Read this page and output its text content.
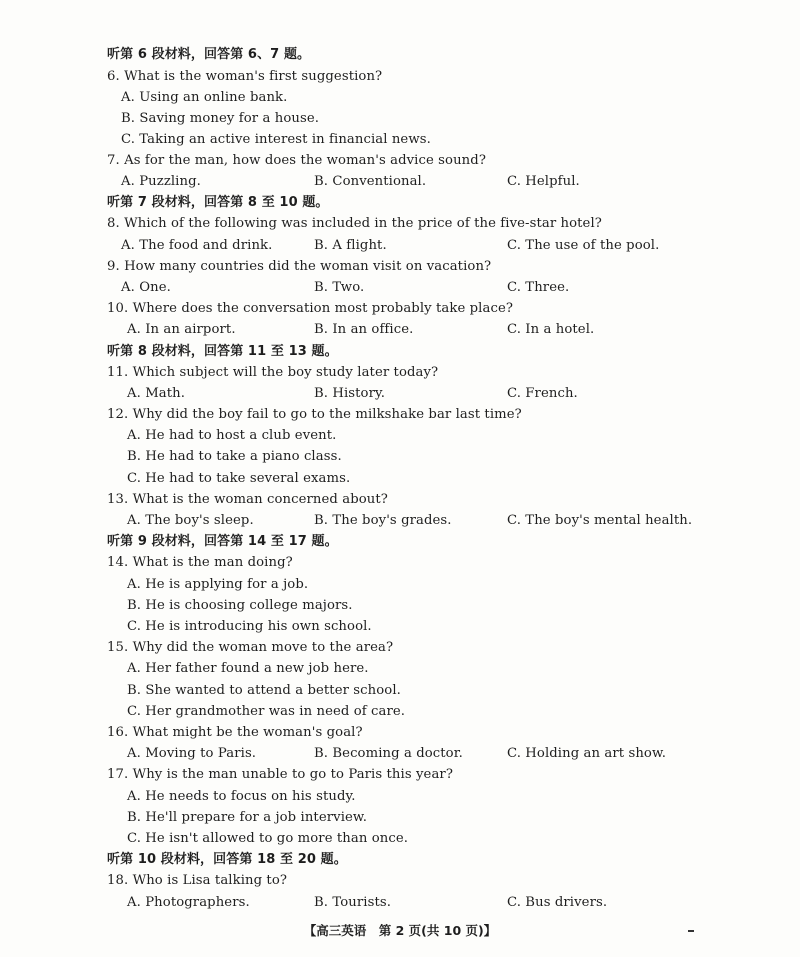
听第 6 段材料，回答第 6、7 题。
6. What is the woman's first suggestion?
A. Using an online bank.
B. Saving money for a house.
C. Taking an active interest in financial news.
7. As for the man, how does the woman's advice sound?
A. Puzzling.	B. Conventional.	C. Helpful.
听第 7 段材料，回答第 8 至 10 题。
8. Which of the following was included in the price of the five-star hotel?
A. The food and drink.	B. A flight.	C. The use of the pool.
9. How many countries did the woman visit on vacation?
A. One.	B. Two.	C. Three.
10. Where does the conversation most probably take place?
A. In an airport.	B. In an office.	C. In a hotel.
听第 8 段材料，回答第 11 至 13 题。
11. Which subject will the boy study later today?
A. Math.	B. History.	C. French.
12. Why did the boy fail to go to the milkshake bar last time?
A. He had to host a club event.
B. He had to take a piano class.
C. He had to take several exams.
13. What is the woman concerned about?
A. The boy's sleep.	B. The boy's grades.	C. The boy's mental health.
听第 9 段材料，回答第 14 至 17 题。
14. What is the man doing?
A. He is applying for a job.
B. He is choosing college majors.
C. He is introducing his own school.
15. Why did the woman move to the area?
A. Her father found a new job here.
B. She wanted to attend a better school.
C. Her grandmother was in need of care.
16. What might be the woman's goal?
A. Moving to Paris.	B. Becoming a doctor.	C. Holding an art show.
17. Why is the man unable to go to Paris this year?
A. He needs to focus on his study.
B. He'll prepare for a job interview.
C. He isn't allowed to go more than once.
听第 10 段材料，回答第 18 至 20 题。
18. Who is Lisa talking to?
A. Photographers.	B. Tourists.	C. Bus drivers.
【高三英语　第 2 页(共 10 页)】
